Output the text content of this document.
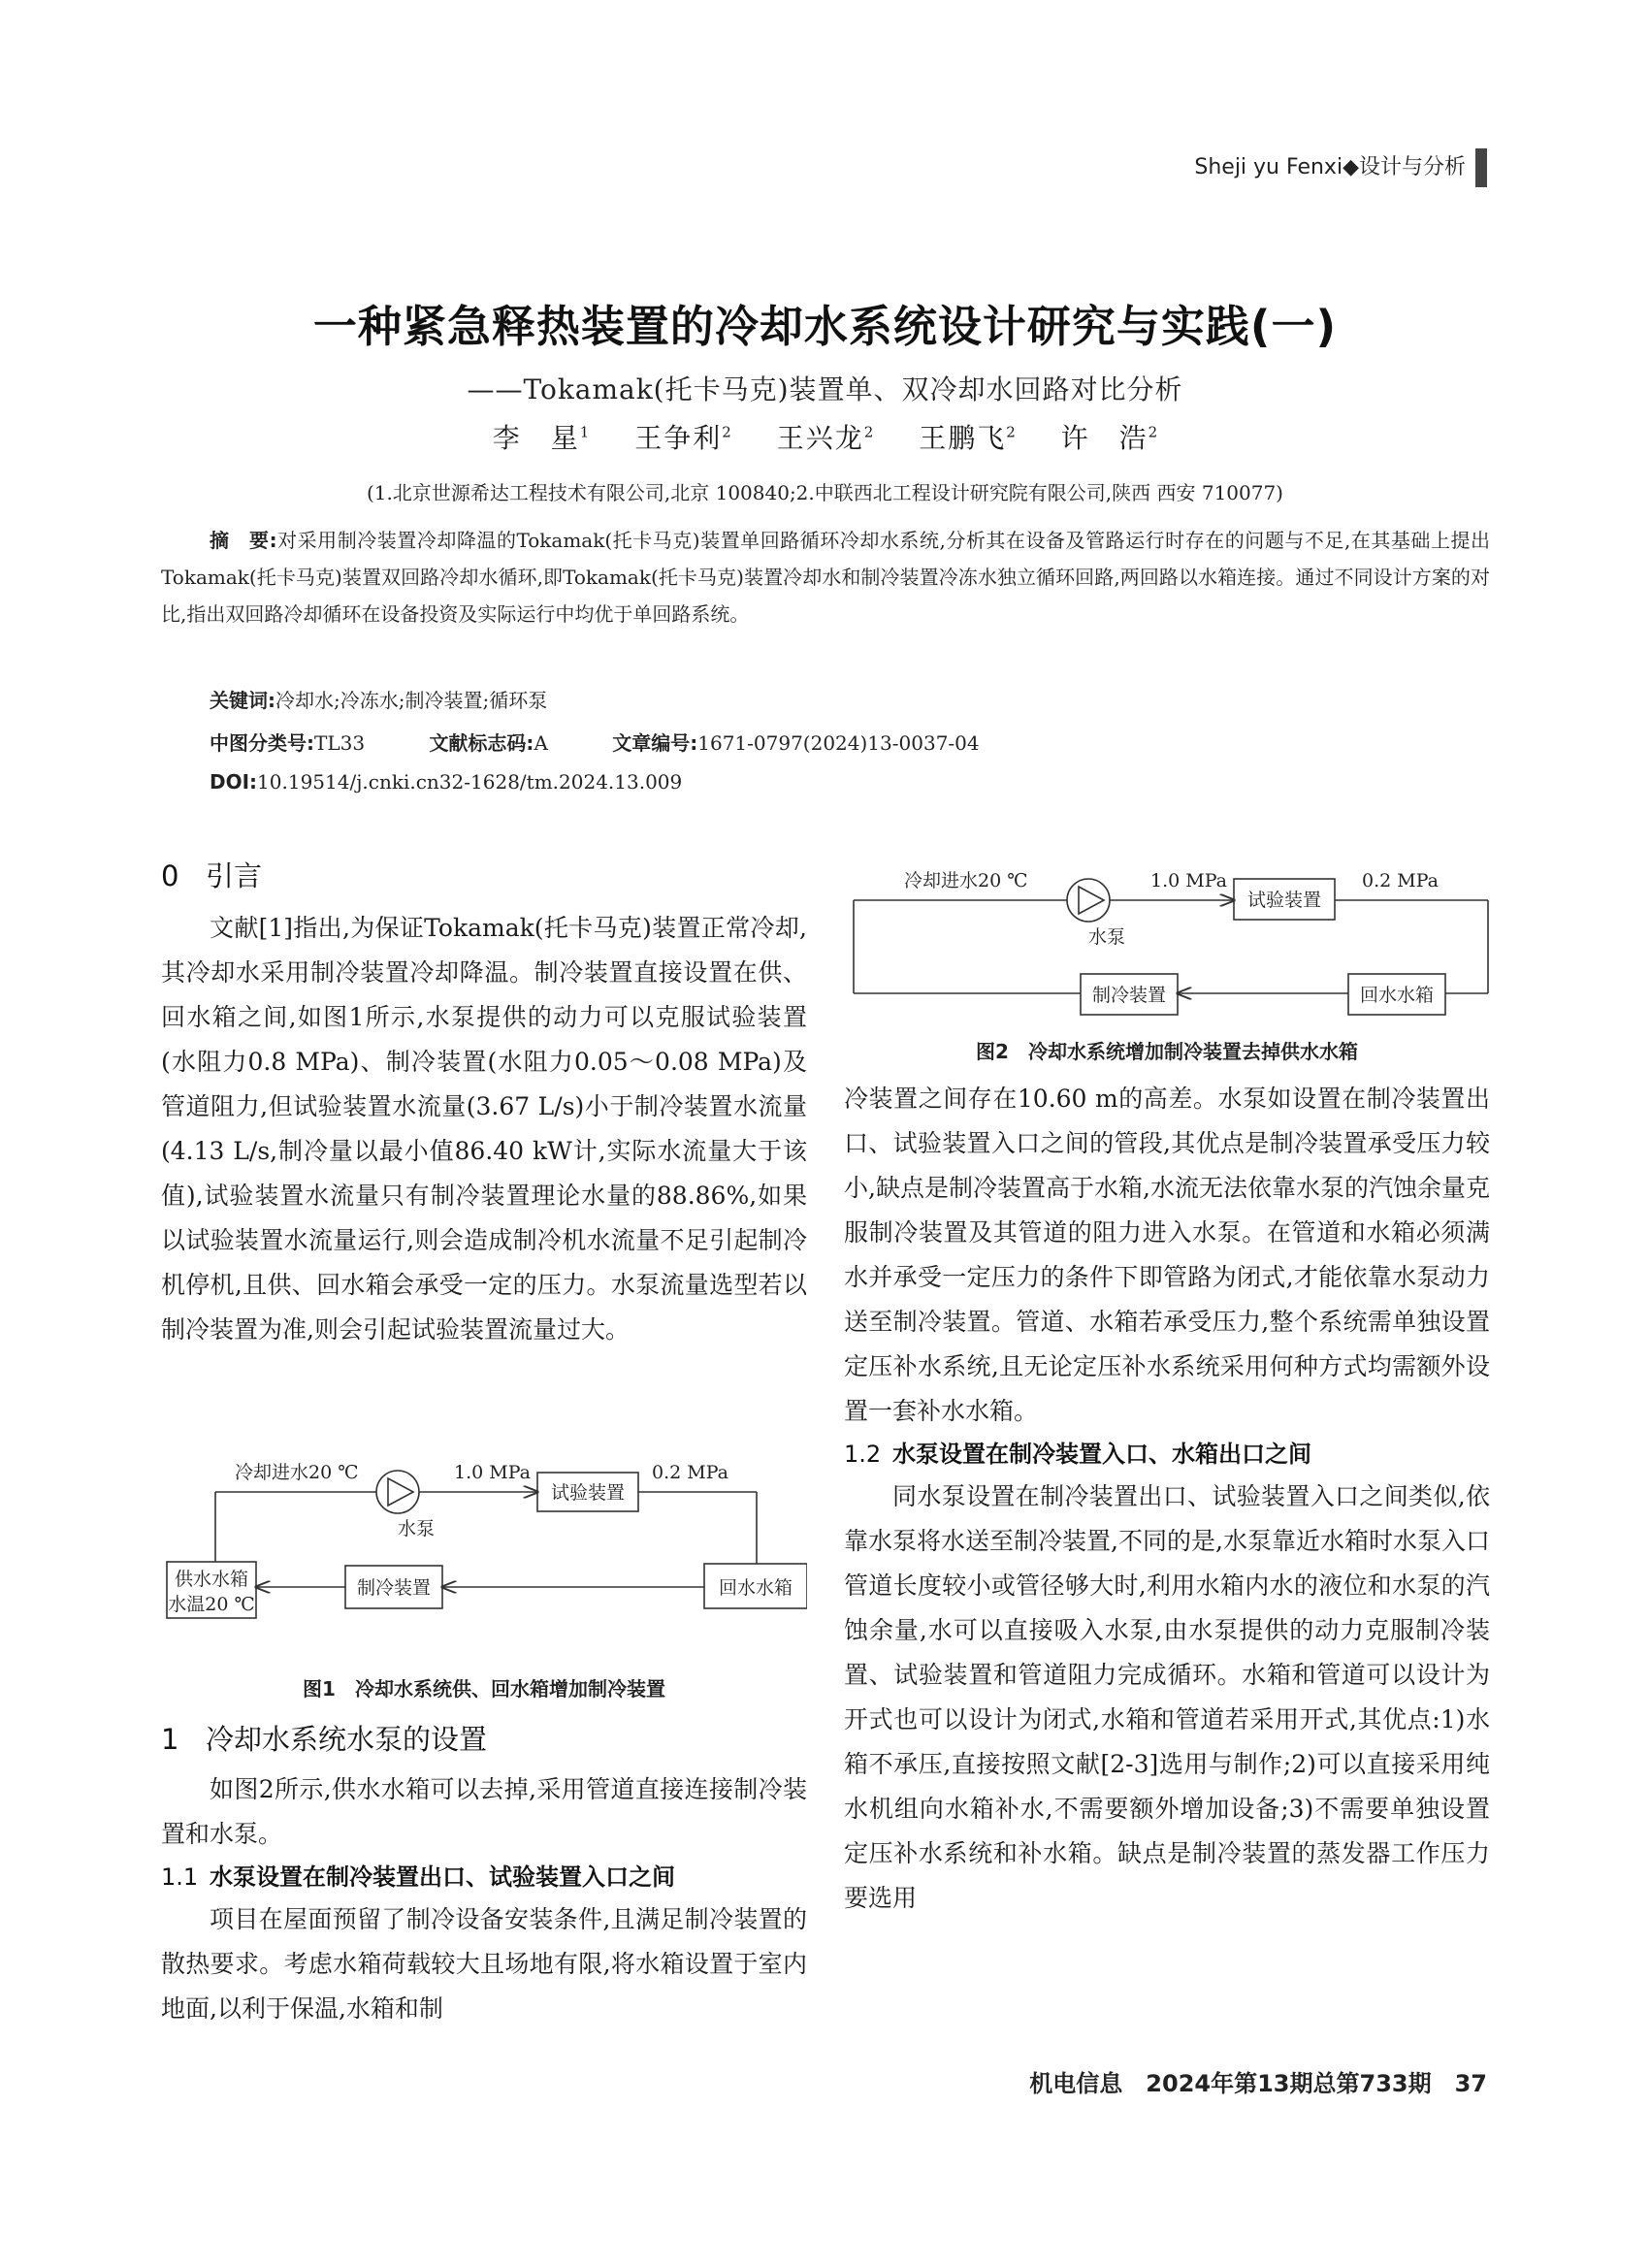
Sheji yu Fenxi◆设计与分析
一种紧急释热装置的冷却水系统设计研究与实践(一)
——Tokamak(托卡马克)装置单、双冷却水回路对比分析
李　星$^1$ 王争利$^2$ 王兴龙$^2$ 王鹏飞$^2$ 许　浩$^2$
(1.北京世源希达工程技术有限公司,北京 100840;2.中联西北工程设计研究院有限公司,陕西 西安 710077)
摘　要:对采用制冷装置冷却降温的Tokamak(托卡马克)装置单回路循环冷却水系统,分析其在设备及管路运行时存在的问题与不足,在其基础上提出Tokamak(托卡马克)装置双回路冷却水循环,即Tokamak(托卡马克)装置冷却水和制冷装置冷冻水独立循环回路,两回路以水箱连接。通过不同设计方案的对比,指出双回路冷却循环在设备投资及实际运行中均优于单回路系统。
关键词:冷却水;冷冻水;制冷装置;循环泵
中图分类号:TL33	文献标志码:A	文章编号:1671-0797(2024)13-0037-04
DOI:10.19514/j.cnki.cn32-1628/tm.2024.13.009
0 引言

文献[1]指出,为保证Tokamak(托卡马克)装置正常冷却,其冷却水采用制冷装置冷却降温。制冷装置直接设置在供、回水箱之间,如图1所示,水泵提供的动力可以克服试验装置(水阻力0.8 MPa)、制冷装置(水阻力0.05～0.08 MPa)及管道阻力,但试验装置水流量(3.67 L/s)小于制冷装置水流量(4.13 L/s,制冷量以最小值86.40 kW计,实际水流量大于该值),试验装置水流量只有制冷装置理论水量的88.86%,如果以试验装置水流量运行,则会造成制冷机水流量不足引起制冷机停机,且供、回水箱会承受一定的压力。水泵流量选型若以制冷装置为准,则会引起试验装置流量过大。

冷却进水20 ℃	1.0 MPa
水泵
试验装置
0.2 MPa
供水水箱
水温20 ℃
制冷装置	回水水箱
图1　冷却水系统供、回水箱增加制冷装置
1 冷却水系统水泵的设置

如图2所示,供水水箱可以去掉,采用管道直接连接制冷装置和水泵。

1.1 水泵设置在制冷装置出口、试验装置入口之间

项目在屋面预留了制冷设备安装条件,且满足制冷装置的散热要求。考虑水箱荷载较大且场地有限,将水箱设置于室内地面,以利于保温,水箱和制

冷却进水20 ℃	1.0 MPa
水泵
试验装置
0.2 MPa
制冷装置	回水水箱
图2　冷却水系统增加制冷装置去掉供水水箱

冷装置之间存在10.60 m的高差。水泵如设置在制冷装置出口、试验装置入口之间的管段,其优点是制冷装置承受压力较小,缺点是制冷装置高于水箱,水流无法依靠水泵的汽蚀余量克服制冷装置及其管道的阻力进入水泵。在管道和水箱必须满水并承受一定压力的条件下即管路为闭式,才能依靠水泵动力送至制冷装置。管道、水箱若承受压力,整个系统需单独设置定压补水系统,且无论定压补水系统采用何种方式均需额外设置一套补水水箱。

1.2 水泵设置在制冷装置入口、水箱出口之间

同水泵设置在制冷装置出口、试验装置入口之间类似,依靠水泵将水送至制冷装置,不同的是,水泵靠近水箱时水泵入口管道长度较小或管径够大时,利用水箱内水的液位和水泵的汽蚀余量,水可以直接吸入水泵,由水泵提供的动力克服制冷装置、试验装置和管道阻力完成循环。水箱和管道可以设计为开式也可以设计为闭式,水箱和管道若采用开式,其优点:1)水箱不承压,直接按照文献[2-3]选用与制作;2)可以直接采用纯水机组向水箱补水,不需要额外增加设备;3)不需要单独设置定压补水系统和补水箱。缺点是制冷装置的蒸发器工作压力要选用

机电信息　2024年第13期总第733期　 37
